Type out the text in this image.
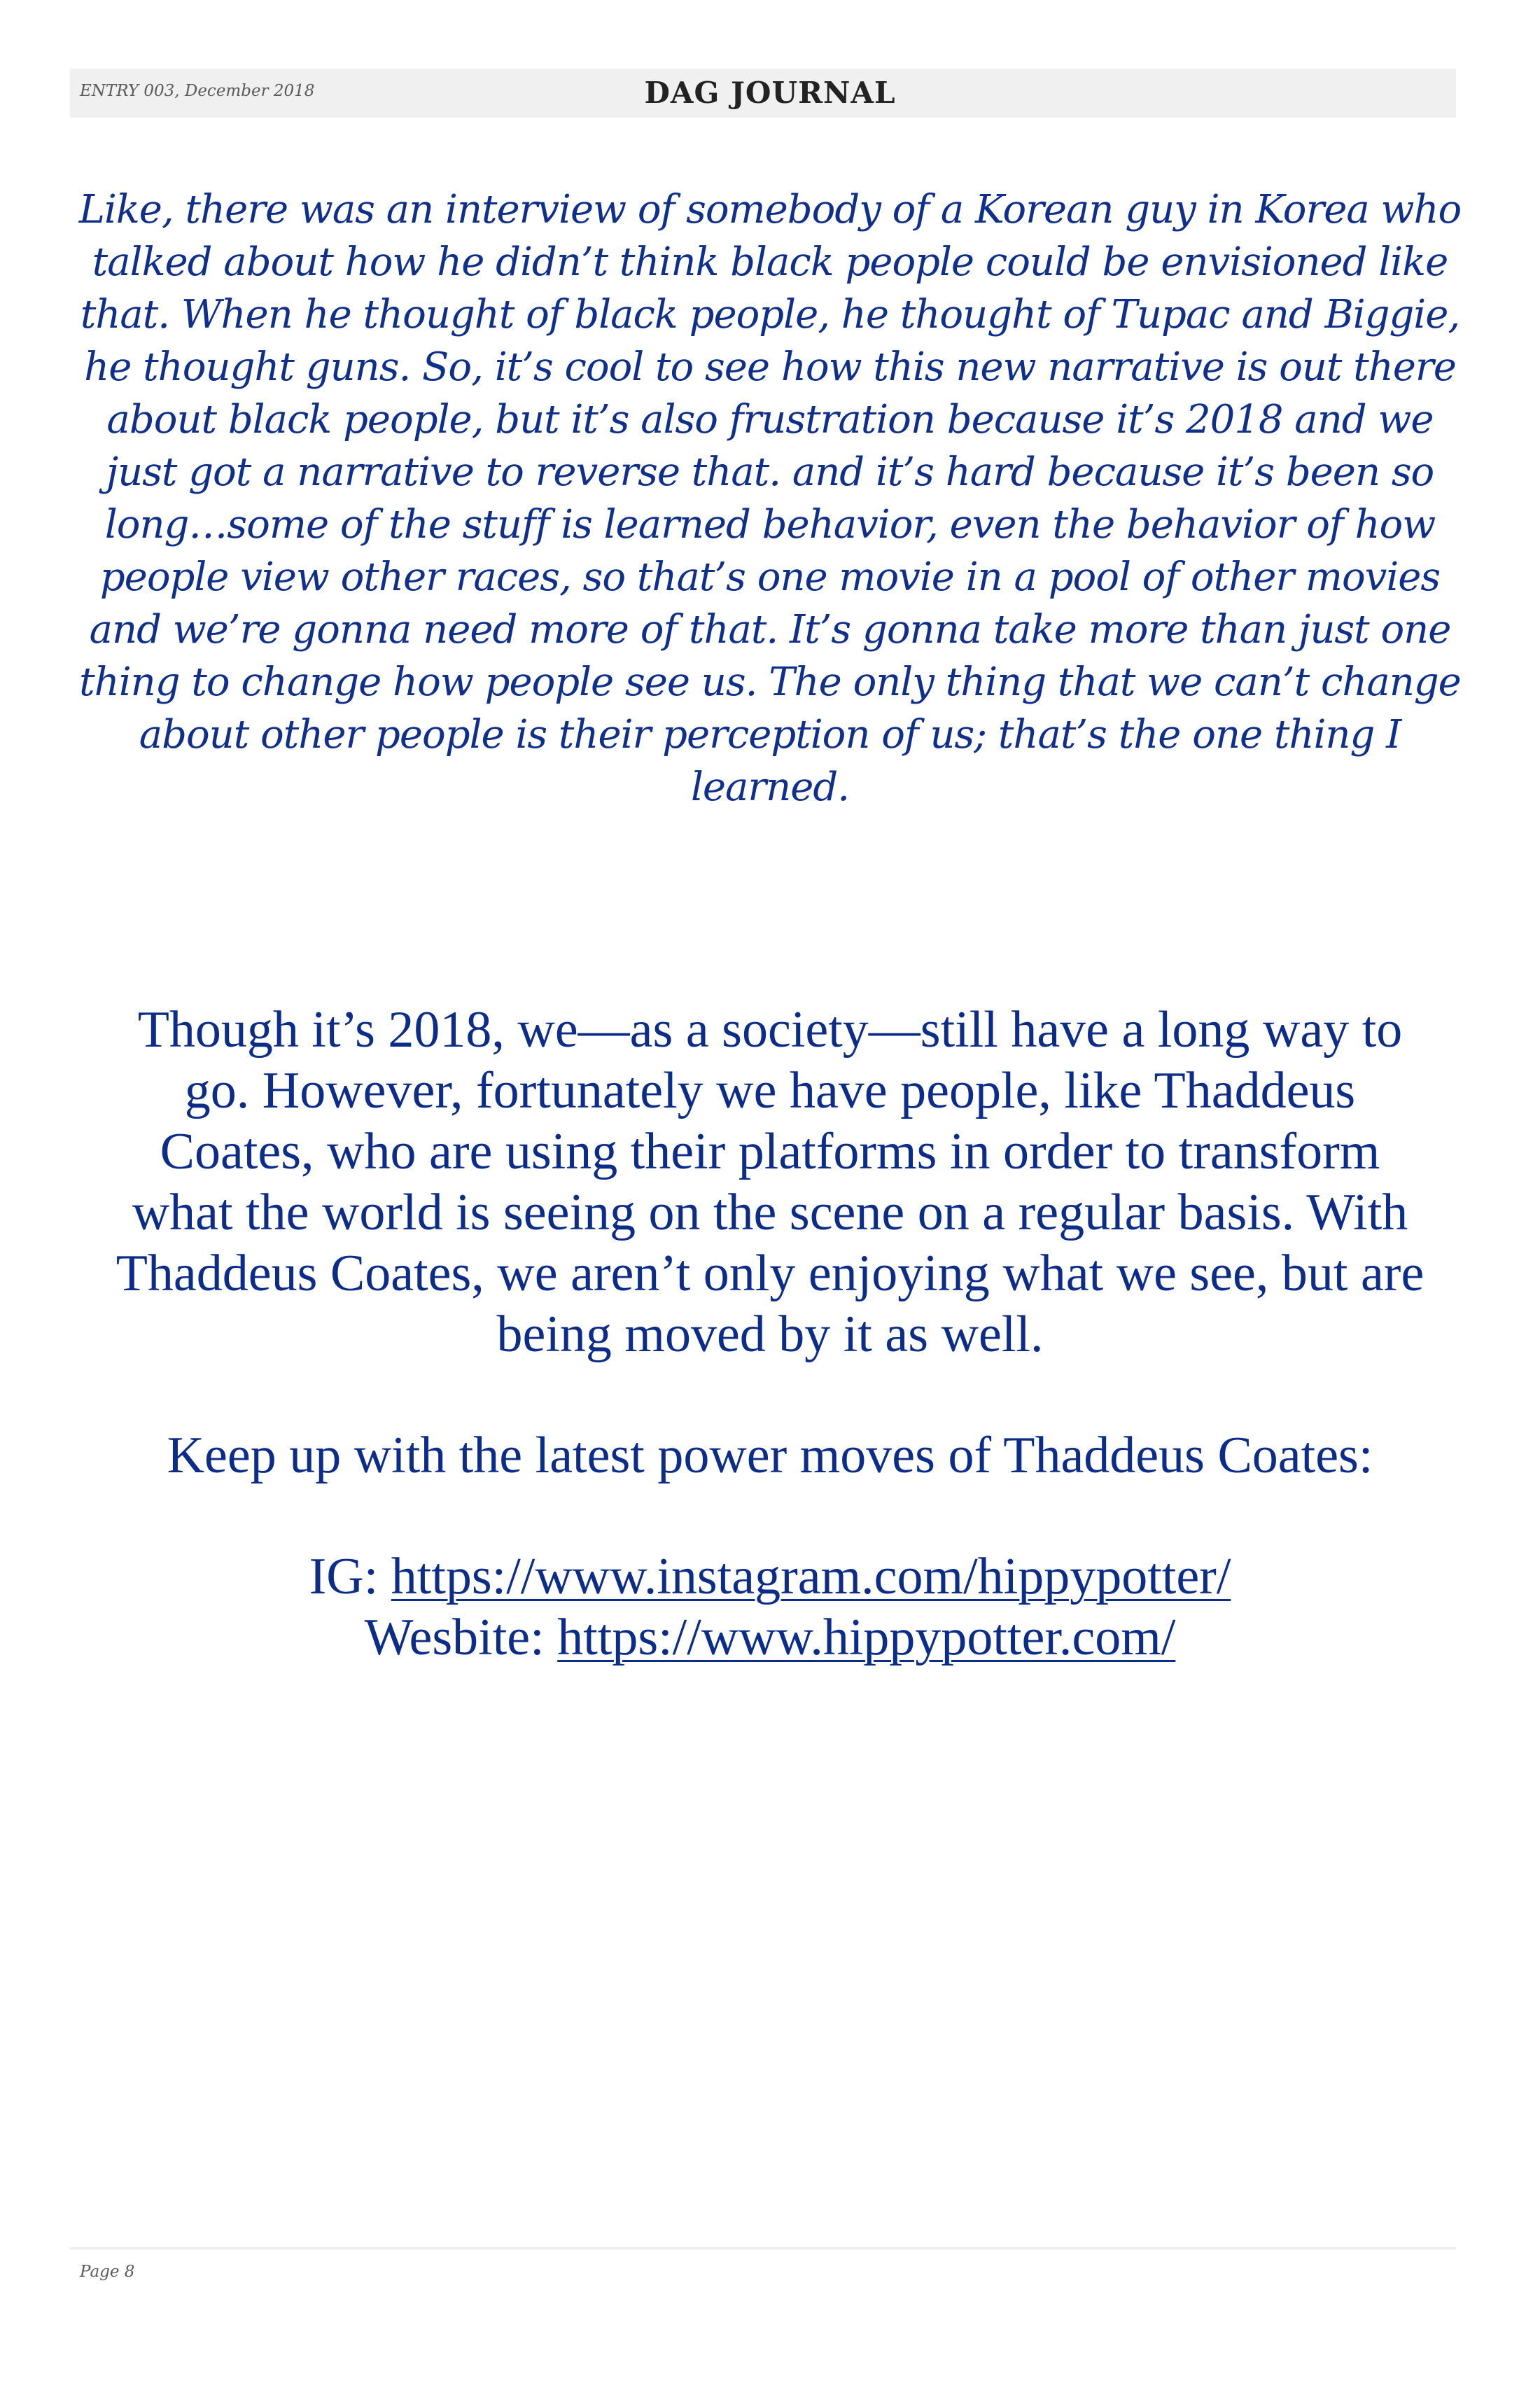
ENTRY 003, December 2018	DAG JOURNAL

Like, there was an interview of somebody of a Korean guy in Korea who talked about how he didn’t think black people could be envisioned like that. When he thought of black people, he thought of Tupac and Biggie, he thought guns. So, it’s cool to see how this new narrative is out there about black people, but it’s also frustration because it’s 2018 and we just got a narrative to reverse that. and it’s hard because it’s been so long…some of the stuff is learned behavior, even the behavior of how people view other races, so that’s one movie in a pool of other movies and we’re gonna need more of that. It’s gonna take more than just one thing to change how people see us. The only thing that we can’t change about other people is their perception of us; that’s the one thing I learned.

Though it’s 2018, we—as a society—still have a long way to go. However, fortunately we have people, like Thaddeus Coates, who are using their platforms in order to transform what the world is seeing on the scene on a regular basis. With Thaddeus Coates, we aren’t only enjoying what we see, but are being moved by it as well.

Keep up with the latest power moves of Thaddeus Coates:

IG: https://www.instagram.com/hippypotter/

Wesbite: https://www.hippypotter.com/

Page 8
